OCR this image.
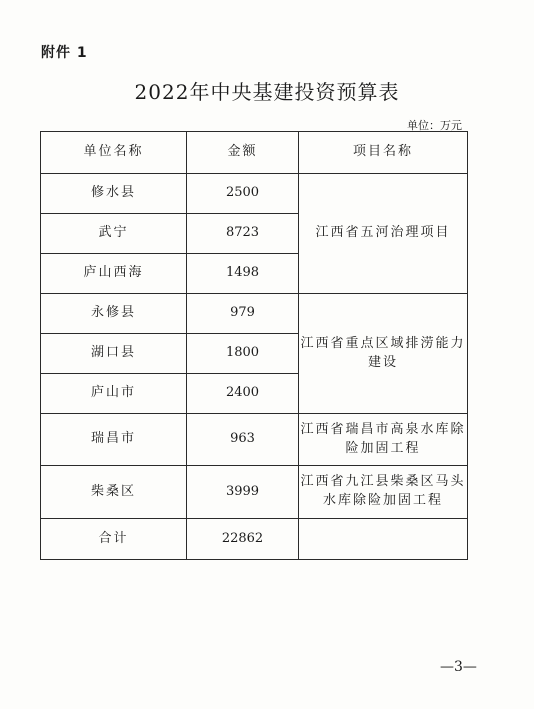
附件 1
2022年中央基建投资预算表
单位：万元
单位名称	金额	项目名称
修水县	2500	江西省五河治理项目
武宁	8723	
庐山西海	1498	
永修县	979	江西省重点区域排涝能力建设
湖口县	1800	
庐山市	2400	
瑞昌市	963	江西省瑞昌市高泉水库除险加固工程
柴桑区	3999	江西省九江县柴桑区马头水库除险加固工程
合计	22862	
—3—
